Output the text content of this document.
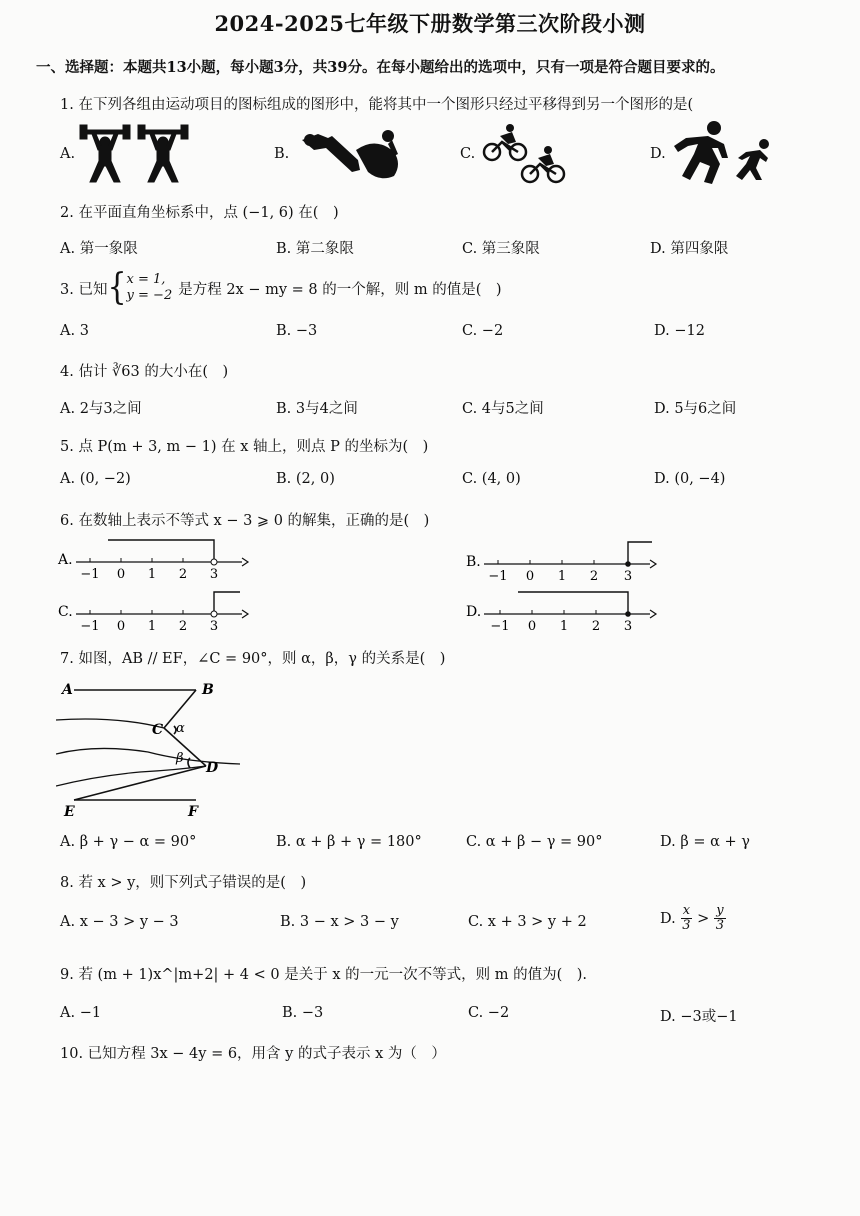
2024-2025七年级下册数学第三次阶段小测
一、选择题：本题共13小题，每小题3分，共39分。在每小题给出的选项中，只有一项是符合题目要求的。
1. 在下列各组由运动项目的图标组成的图形中，能将其中一个图形只经过平移得到另一个图形的是(
A.	B.	C.	D.
2. 在平面直角坐标系中，点 (−1, 6) 在(　)
A. 第一象限	B. 第二象限	C. 第三象限	D. 第四象限
3. 已知 { x = 1,
y = −2 是方程 2x − my = 8 的一个解，则 m 的值是(　)
A. 3	B. −3	C. −2	D. −12
4. 估计 ∛63 的大小在(　)
A. 2与3之间	B. 3与4之间	C. 4与5之间	D. 5与6之间
5. 点 P(m + 3, m − 1) 在 x 轴上，则点 P 的坐标为(　)
A. (0, −2)	B. (2, 0)	C. (4, 0)	D. (0, −4)
6. 在数轴上表示不等式 x − 3 ⩾ 0 的解集，正确的是(　)
A.
−1 0 1 2 3
B.
−1 0 1 2 3
C.
−1 0 1 2 3
D.
−1 0 1 2 3
7. 如图，AB // EF，∠C = 90°，则 α，β，γ 的关系是(　)
A	B
C
D
E	F
α
β
A. β + γ − α = 90°	B. α + β + γ = 180°	C. α + β − γ = 90°	D. β = α + γ
8. 若 x > y，则下列式子错误的是(　)
A. x − 3 > y − 3	B. 3 − x > 3 − y	C. x + 3 > y + 2	D. $\frac{x}{3} > \frac{y}{3}$
9. 若 (m + 1)x^|m+2| + 4 < 0 是关于 x 的一元一次不等式，则 m 的值为(　).
A. −1	B. −3	C. −2	D. −3或−1
10. 已知方程 3x − 4y = 6，用含 y 的式子表示 x 为（　）
